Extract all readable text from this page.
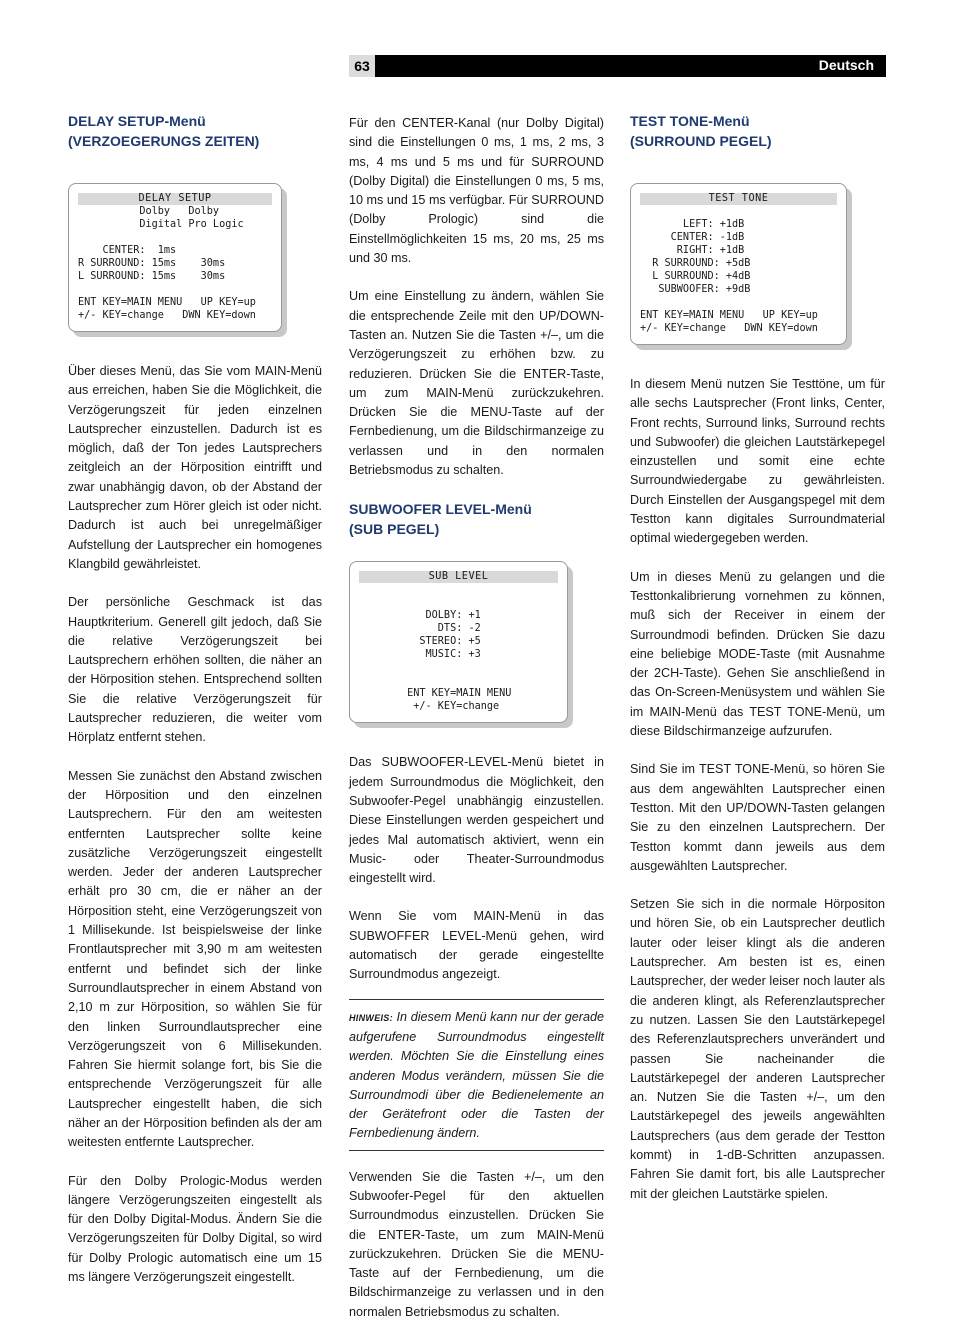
Deutsch
63
DELAY SETUP-Menü
(VERZOEGERUNGS ZEITEN)
DELAY SETUP
Dolby   Dolby
Digital Pro Logic

CENTER:  1ms
R SURROUND: 15ms    30ms
L SURROUND: 15ms    30ms

ENT KEY=MAIN MENU   UP KEY=up
+/- KEY=change   DWN KEY=down

Über dieses Menü, das Sie vom MAIN-Menü aus erreichen, haben Sie die Möglichkeit, die Verzögerungszeit für jeden einzelnen Lautsprecher einzustellen. Dadurch ist es möglich, daß der Ton jedes Lautsprechers zeitgleich an der Hörposition eintrifft und zwar unabhängig davon, ob der Abstand der Lautsprecher zum Hörer gleich ist oder nicht. Dadurch ist auch bei unregelmäßiger Aufstellung der Lautsprecher ein homogenes Klangbild gewährleistet.

Der persönliche Geschmack ist das Hauptkriterium. Generell gilt jedoch, daß Sie die relative Verzögerungszeit bei Lautsprechern erhöhen sollten, die näher an der Hörposition stehen. Entsprechend sollten Sie die relative Verzögerungszeit für Lautsprecher reduzieren, die weiter vom Hörplatz entfernt stehen.

Messen Sie zunächst den Abstand zwischen der Hörposition und den einzelnen Lautsprechern. Für den am weitesten entfernten Lautsprecher sollte keine zusätzliche Verzögerungszeit eingestellt werden. Jeder der anderen Lautsprecher erhält pro 30 cm, die er näher an der Hörposition steht, eine Verzögerungszeit von 1 Millisekunde. Ist beispielsweise der linke Frontlautsprecher mit 3,90 m am weitesten entfernt und befindet sich der linke Surroundlautsprecher in einem Abstand von 2,10 m zur Hörposition, so wählen Sie für den linken Surroundlautsprecher eine Verzögerungszeit von 6 Millisekunden. Fahren Sie hiermit solange fort, bis Sie die entsprechende Verzögerungszeit für alle Lautsprecher eingestellt haben, die sich näher an der Hörposition befinden als der am weitesten entfernte Lautsprecher.

Für den Dolby Prologic-Modus werden längere Verzögerungszeiten eingestellt als für den Dolby Digital-Modus. Ändern Sie die Verzögerungszeiten für Dolby Digital, so wird für Dolby Prologic automatisch eine um 15 ms längere Verzögerungszeit eingestellt.

Für den CENTER-Kanal (nur Dolby Digital) sind die Einstellungen 0 ms, 1 ms, 2 ms, 3 ms, 4 ms und 5 ms und für SURROUND (Dolby Digital) die Einstellungen 0 ms, 5 ms, 10 ms und 15 ms verfügbar. Für SURROUND (Dolby Prologic) sind die Einstellmöglichkeiten 15 ms, 20 ms, 25 ms und 30 ms.

Um eine Einstellung zu ändern, wählen Sie die entsprechende Zeile mit den UP/DOWN-Tasten an. Nutzen Sie die Tasten +/–, um die Verzögerungszeit zu erhöhen bzw. zu reduzieren. Drücken Sie die ENTER-Taste, um zum MAIN-Menü zurückzukehren. Drücken Sie die MENU-Taste auf der Fernbedienung, um die Bildschirmanzeige zu verlassen und in den normalen Betriebsmodus zu schalten.

SUBWOOFER LEVEL-Menü
(SUB PEGEL)
SUB LEVEL

DOLBY: +1
DTS: -2
STEREO: +5
MUSIC: +3

ENT KEY=MAIN MENU
+/- KEY=change

Das SUBWOOFER-LEVEL-Menü bietet in jedem Surroundmodus die Möglichkeit, den Subwoofer-Pegel unabhängig einzustellen. Diese Einstellungen werden gespeichert und jedes Mal automatisch aktiviert, wenn ein Music- oder Theater-Surroundmodus eingestellt wird.

Wenn Sie vom MAIN-Menü in das SUBWOFFER LEVEL-Menü gehen, wird automatisch der gerade eingestellte Surroundmodus angezeigt.

HINWEIS: In diesem Menü kann nur der gerade aufgerufene Surroundmodus eingestellt werden. Möchten Sie die Einstellung eines anderen Modus verändern, müssen Sie die Surroundmodi über die Bedienelemente an der Gerätefront oder die Tasten der Fernbedienung ändern.

Verwenden Sie die Tasten +/–, um den Subwoofer-Pegel für den aktuellen Surroundmodus einzustellen. Drücken Sie die ENTER-Taste, um zum MAIN-Menü zurückzukehren. Drücken Sie die MENU-Taste auf der Fernbedienung, um die Bildschirmanzeige zu verlassen und in den normalen Betriebsmodus zu schalten.

TEST TONE-Menü
(SURROUND PEGEL)
TEST TONE

LEFT: +1dB
CENTER: -1dB
RIGHT: +1dB
R SURROUND: +5dB
L SURROUND: +4dB
SUBWOOFER: +9dB

ENT KEY=MAIN MENU   UP KEY=up
+/- KEY=change   DWN KEY=down

In diesem Menü nutzen Sie Testtöne, um für alle sechs Lautsprecher (Front links, Center, Front rechts, Surround links, Surround rechts und Subwoofer) die gleichen Lautstärkepegel einzustellen und somit eine echte Surroundwiedergabe zu gewährleisten. Durch Einstellen der Ausgangspegel mit dem Testton kann digitales Surroundmaterial optimal wiedergegeben werden.

Um in dieses Menü zu gelangen und die Testtonkalibrierung vornehmen zu können, muß sich der Receiver in einem der Surroundmodi befinden. Drücken Sie dazu eine beliebige MODE-Taste (mit Ausnahme der 2CH-Taste). Gehen Sie anschließend in das On-Screen-Menüsystem und wählen Sie im MAIN-Menü das TEST TONE-Menü, um diese Bildschirmanzeige aufzurufen.

Sind Sie im TEST TONE-Menü, so hören Sie aus dem angewählten Lautsprecher einen Testton. Mit den UP/DOWN-Tasten gelangen Sie zu den einzelnen Lautsprechern. Der Testton kommt dann jeweils aus dem ausgewählten Lautsprecher.

Setzen Sie sich in die normale Hörpositon und hören Sie, ob ein Lautsprecher deutlich lauter oder leiser klingt als die anderen Lautsprecher. Am besten ist es, einen Lautsprecher, der weder leiser noch lauter als die anderen klingt, als Referenzlautsprecher zu nutzen. Lassen Sie den Lautstärkepegel des Referenzlautsprechers unverändert und passen Sie nacheinander die Lautstärkepegel der anderen Lautsprecher an. Nutzen Sie die Tasten +/–, um den Lautstärkepegel des jeweils angewählten Lautsprechers (aus dem gerade der Testton kommt) in 1-dB-Schritten anzupassen. Fahren Sie damit fort, bis alle Lautsprecher mit der gleichen Lautstärke spielen.
